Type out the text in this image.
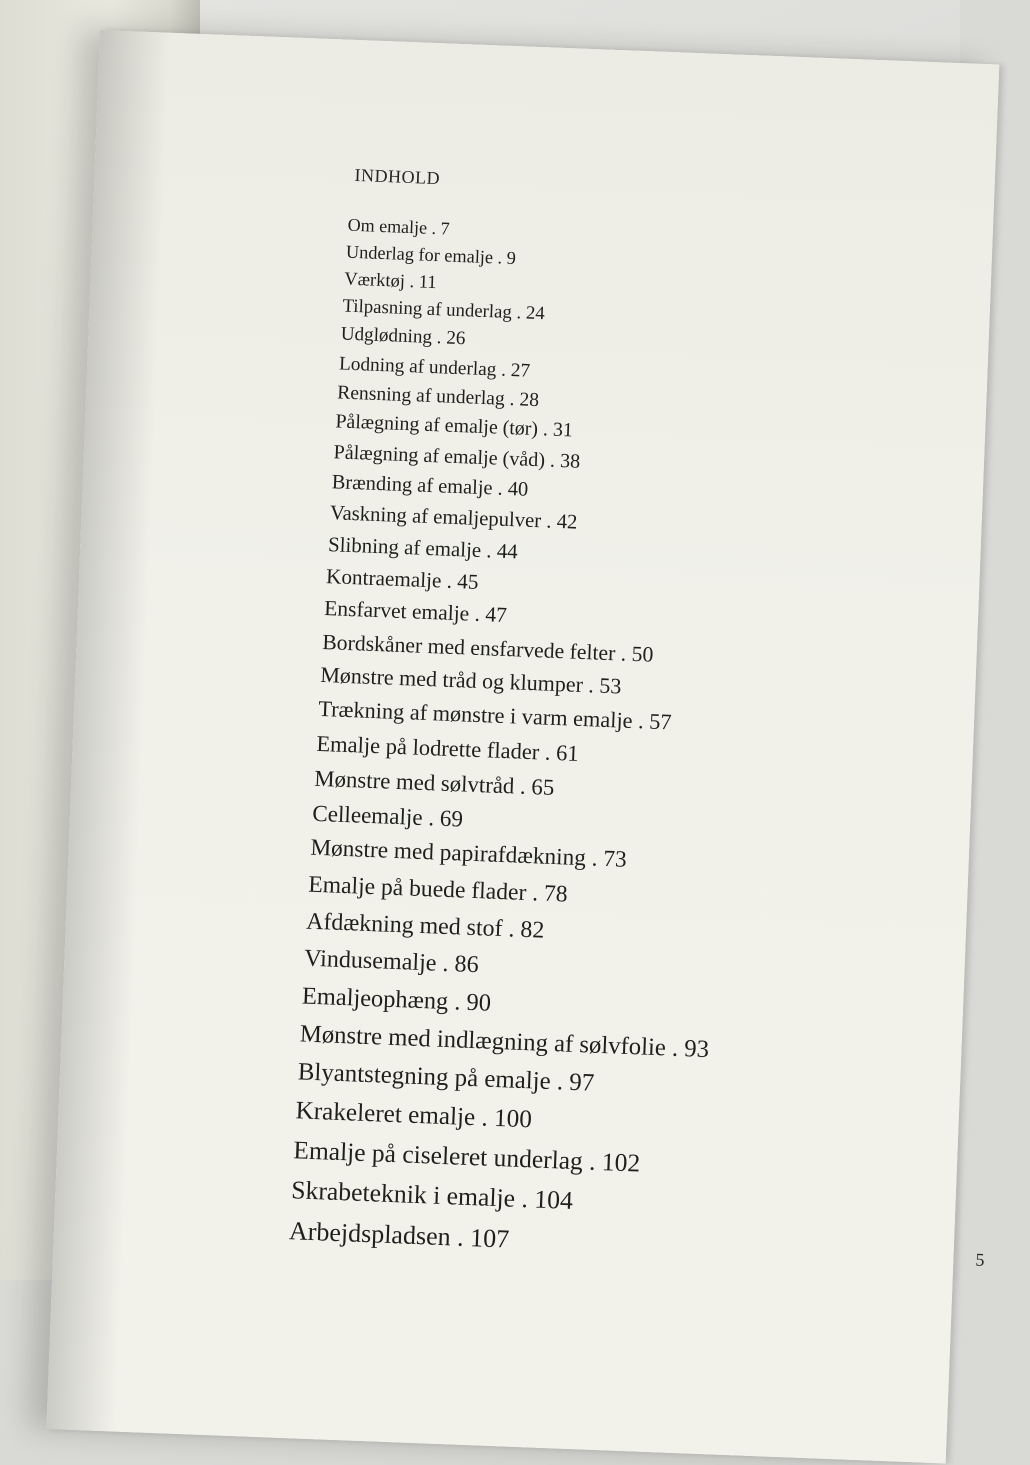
INDHOLD
Om emalje . 7
Underlag for emalje . 9
Værktøj . 11
Tilpasning af underlag . 24
Udglødning . 26
Lodning af underlag . 27
Rensning af underlag . 28
Pålægning af emalje (tør) . 31
Pålægning af emalje (våd) . 38
Brænding af emalje . 40
Vaskning af emaljepulver . 42
Slibning af emalje . 44
Kontraemalje . 45
Ensfarvet emalje . 47
Bordskåner med ensfarvede felter . 50
Mønstre med tråd og klumper . 53
Trækning af mønstre i varm emalje . 57
Emalje på lodrette flader . 61
Mønstre med sølvtråd . 65
Celleemalje . 69
Mønstre med papirafdækning . 73
Emalje på buede flader . 78
Afdækning med stof . 82
Vindusemalje . 86
Emaljeophæng . 90
Mønstre med indlægning af sølvfolie . 93
Blyantstegning på emalje . 97
Krakeleret emalje . 100
Emalje på ciseleret underlag . 102
Skrabeteknik i emalje . 104
Arbejdspladsen . 107
5
